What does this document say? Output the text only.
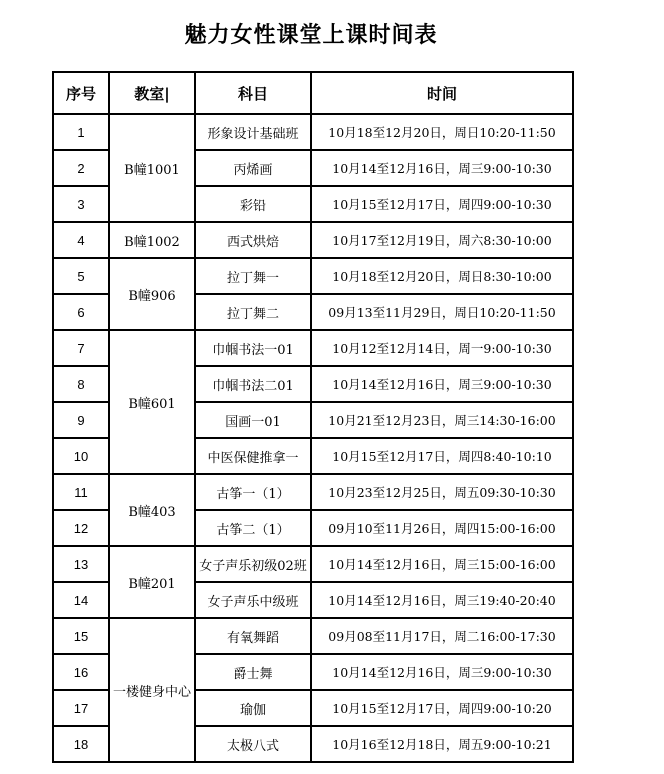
魅力女性课堂上课时间表
序号	教室|	科目	时间
1	B幢1001	形象设计基础班	10月18至12月20日，周日10:20-11:50
2		丙烯画	10月14至12月16日，周三9:00-10:30
3		彩铅	10月15至12月17日，周四9:00-10:30
4	B幢1002	西式烘焙	10月17至12月19日，周六8:30-10:00
5	B幢906	拉丁舞一	10月18至12月20日，周日8:30-10:00
6		拉丁舞二	09月13至11月29日，周日10:20-11:50
7	B幢601	巾帼书法一01	10月12至12月14日，周一9:00-10:30
8		巾帼书法二01	10月14至12月16日，周三9:00-10:30
9		国画一01	10月21至12月23日，周三14:30-16:00
10		中医保健推拿一	10月15至12月17日，周四8:40-10:10
11	B幢403	古筝一（1）	10月23至12月25日，周五09:30-10:30
12		古筝二（1）	09月10至11月26日，周四15:00-16:00
13	B幢201	女子声乐初级02班	10月14至12月16日，周三15:00-16:00
14		女子声乐中级班	10月14至12月16日，周三19:40-20:40
15	一楼健身中心	有氧舞蹈	09月08至11月17日，周二16:00-17:30
16		爵士舞	10月14至12月16日，周三9:00-10:30
17		瑜伽	10月15至12月17日，周四9:00-10:20
18		太极八式	10月16至12月18日，周五9:00-10:21
